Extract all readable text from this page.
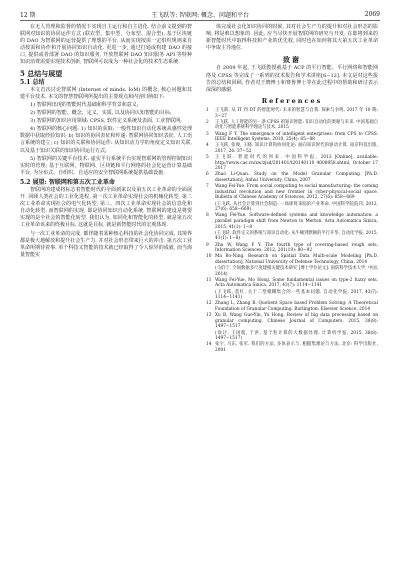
12 期	王飞跃等: 智联网: 概念、问题和平台	2069

在无人管理和监督的情况下实现自主运行和自主进化. 结合前文提到的智联网对知识的协同运作方式 (联农型、集中型、分布型、混合型), 基于区块链的 DAO 为智联网的运营提供了理想的平台, 从而实现按需一定组织规则来自动按需和协作和开展协同知识自动化. 更进一步, 通过打通或构建 DAO 的接口, 提供或者部署 DAO 的知识服务, 开放智联网 DAO 知识服务 API 等特种知识消费需要实现技术创新, 智联网可以成为一种社会化的技术生态系统.

5 总结与展望
5.1 总结

本文首次讨论智联网 (Internet of minds, IoM) 的概念, 核心问题和其建平台技术. 本文的智慧智联网所提出的主要观点和内容归纳如下:

1) 智联网出现的智能时代基础和科学背景和意义;

2) 智联网的智能、概念、定义、实质, 以及协同认知智能的目标;

3) 智联网的知识应用领域: CPSS, 软件定义系统及表面, 工业智联网;

4) 智联网的核心问题: 1) 知识的获取: 一般性知识自动化系统从感性处理数据中获取经验知识; b) 知识的协同表征和传递: 智联网协同知识表征, 人工语言系统的建立; c) 知识的关联和协同运作: 从知识动力学的角度定义知识关联, 以及基于知识关联的知识协同运行方式;

5) 智联网的关键平台技术: 虚实平行系统平台实现智联网的管理控制知识实时的管理; 基于互联网、物联网、区块链和平行网络的社会化运营计算基础平台, 为分布式、自组织、自适应的安全智联网系统提供基础设施.

5.2 展望: 智联网和第五次工业革命

智联网的建成将标志着智能时代的全面到来以及第五次工业革命的全面展开. 回顾人类社会的工业化进程, 第一次工业革命实现社会的机械化转型, 第二次工业革命实现社会的电气化转型, 第三、四次工业革命实现社会的信息化和自动化转型. 而智联网的实现, 即是协同知识自动化系统, 智联网的建设是将要实现的是全社会的智能化转型. 我们认为, 如同化和智能化的转型, 就是第五次工业革命该来的终极目标, 这就是目标, 就是新智能时代的宏观体现.

与一次工业革命的完成, 都伴随着某种核心科技的社会化协同完成, 其境界都是极大地解放和提升社会生产力. 并对社会形态带来巨大的冲击. 第五次工业革命所期待着事. 单个科技又智能的技术就已经取得了令人惊异的成就, 而当海量智能实

体完成社会化知识协同的时候, 其对社会生产力的提升和对社会形态的影响, 将是难以想象的. 因此, 应当尽快开展智联网的研究与开发, 在即将到来的新智能时代中取得科技和产业的优先权, 同时也在如何将其大第五次工业革命中争取主导地位.

致谢

自 2009 年起, 王飞跃教授就基于 ACP 的平行智能、平行网络和智能网络及 CPSS 等完成了一系列的技术报告和学术讲座[6−12]. 本文是对这些报告的总结和回顾. 作者对王晓博士和赛鲁博士等在此过程中的帮助和研讨表示深深的感谢.

References
1	王飞跃. 从 IT 到 DT 的智能时代: 未来的智慧与自我. 探索与争鸣, 2017 年 10 期: 3−27
2	王飞跃. 人工智能的另一条 CPSS 的知识智能: 知识自动化的奥秘与未来. 中国基础自动化与智能系统科学理论与技术, 2015
3	Wang F Y. The emergence of intelligent enterprises: from CPS to CPSS. IEEE Intelligent Systems, 2010, 25(4): 85−88
4	王飞跃, 张俊, 王晓. 知识计算和协同化论: 面向知识时代的驱动计算. 南京科技出版, 2017, 26: 37−52
5	王飞跃. 智能时代的到来. 中国科学报, 2013 [Online], available: http://www.cas.cn/xw/zjsd/201401/t20140110_4008958.shtml, October 17 2017
6	Zhao Li-Quan. Study on the Model Granular Computing [Ph.D. dissertation], Anhui University, China, 2007
7	Wang Fei-Yue. From social computing to social manufacturing: the coming industrial revolution and new frontier in cyber-physical-social space. Bulletin of Chinese Academy of Sciences, 2012, 27(6): 658−669
(王飞跃. 从社会计算到社会制造: 一场即将来临的产业革命. 中国科学院院刊, 2012, 27(6): 658−669)
8	Wang Fei-Yue. Software-defined systems and knowledge automation: a parallel paradigm shift from Newton to Merton. Acta Automatica Sinica, 2015, 41(1): 1−8
(王飞跃. 软件定义的系统与知识自动化: 从牛顿到默顿的平行升华. 自动化学报, 2015, 41(1): 1−8)
9	Zhu W, Wang F Y. The fourth type of covering-based rough sets. Information Sciences, 2012, 201(19): 80−92
10 Ma Bo-Ning. Research on Spatial Data Multi-scale Modeling [Ph.D. dissertation], National University of Defense Technology, China, 2014
(马伯宁. 空间数据多尺度建模关键技术研究 [博士学位论文]. 国防科学技术大学, 中国, 2014)
11 Wang Fei-Yue, Mo Hong. Some fundamental issues on type-2 fuzzy sets. Acta Automatica Sinica, 2017, 43(7): 1114−1141
(王飞跃, 莫红. 关于二型模糊集合的一些基本问题. 自动化学报, 2017, 43(7): 1114−1141)
12 Zhang L, Zhang B. Quotient Space based Problem Solving: A Theoretical Foundation of Granular Computing. Burlington: Elsevier Science, 2014
13 Xu B, Wang Guo-Yin, Yu Hong. Review of big data processing based on granular computing. Chinese Journal of Computers, 2015, 38(8): 1497−1517
(徐计, 王国胤, 于洪. 基于粒计算的大数据处理. 计算机学报, 2015, 38(8): 1497−1517)
14 张宇, 马东, 张军. 我们的方法, 多体表示与. 粗糙集理论与方法. 北京: 科学出版社, 2001
